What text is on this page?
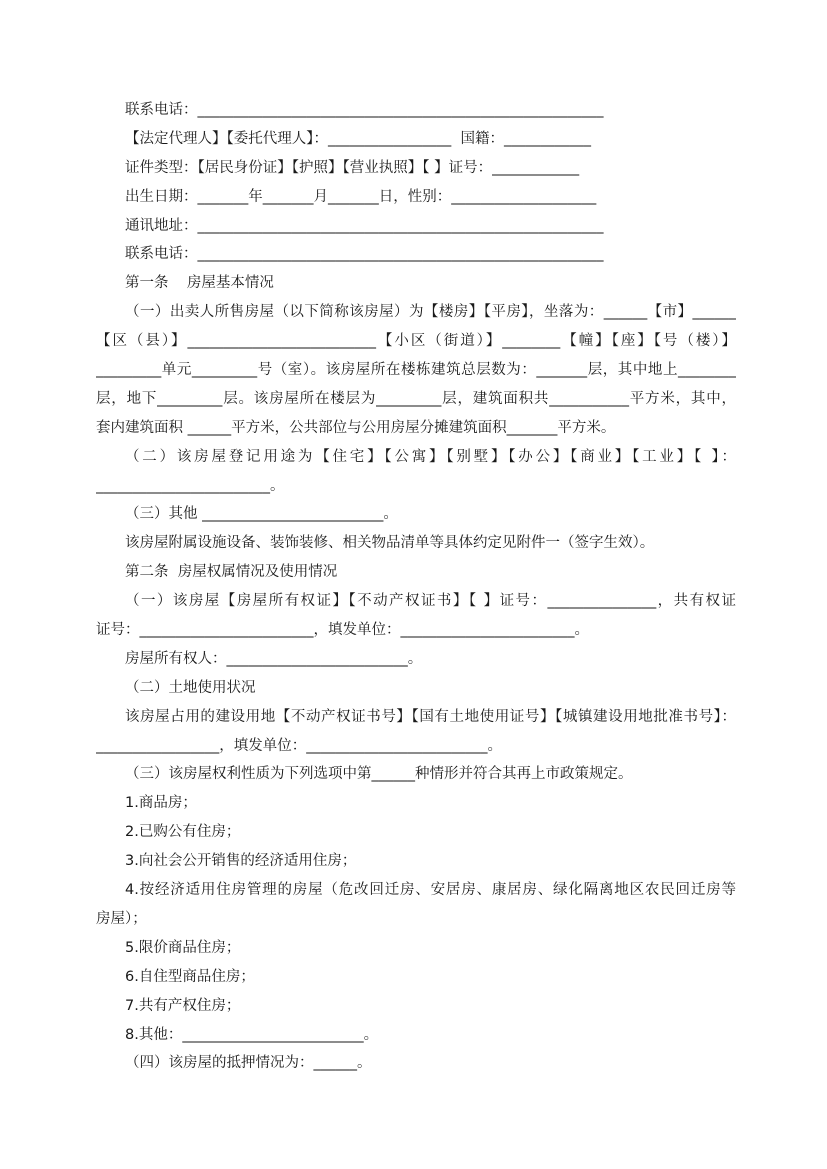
联系电话：________________________________________________________
【法定代理人】【委托代理人】：_________________  国籍：____________
证件类型：【居民身份证】【护照】【营业执照】【 】证号：____________
出生日期：_______年_______月_______日，性别：____________________
通讯地址：________________________________________________________
联系电话：________________________________________________________
第一条    房屋基本情况
（一）出卖人所售房屋（以下简称该房屋）为【楼房】【平房】，坐落为：______【市】______
【区（县）】__________________________【小区（街道）】________【幢】【座】【号（楼）】
_________单元_________号（室）。该房屋所在楼栋建筑总层数为：_______层，其中地上________
层，地下_________层。该房屋所在楼层为_________层，建筑面积共___________平方米，其中，
套内建筑面积 ______平方米，公共部位与公用房屋分摊建筑面积_______平方米。
（二）该房屋登记用途为【住宅】【公寓】【别墅】【办公】【商业】【工业】【 】：
________________________。
（三）其他 _________________________。
该房屋附属设施设备、装饰装修、相关物品清单等具体约定见附件一（签字生效）。
第二条  房屋权属情况及使用情况
（一）该房屋【房屋所有权证】【不动产权证书】【 】证号：_______________，共有权证
证号：________________________，填发单位：________________________。
房屋所有权人：_________________________。
（二）土地使用状况
该房屋占用的建设用地【不动产权证书号】【国有土地使用证号】【城镇建设用地批准书号】：
_________________，填发单位：_________________________。
（三）该房屋权利性质为下列选项中第______种情形并符合其再上市政策规定。
1.商品房；
2.已购公有住房；
3.向社会公开销售的经济适用住房；
4.按经济适用住房管理的房屋（危改回迁房、安居房、康居房、绿化隔离地区农民回迁房等
房屋）；
5.限价商品住房；
6.自住型商品住房；
7.共有产权住房；
8.其他：_________________________。
（四）该房屋的抵押情况为：______。
